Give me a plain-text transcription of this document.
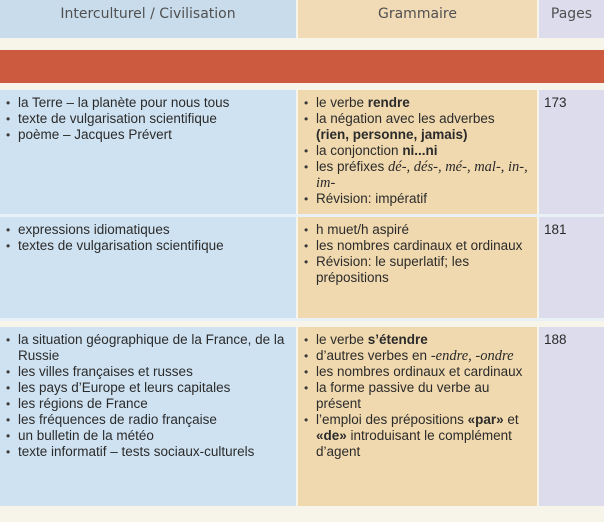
Interculturel / Civilisation	Grammaire	Pages
• la Terre – la planète pour nous tous
• texte de vulgarisation scientifique
• poème – Jacques Prévert
• le verbe rendre
• la négation avec les adverbes
(rien, personne, jamais)
• la conjonction ni...ni
• les préfixes dé-, dés-, mé-, mal-, in-, im-
• Révision: impératif
173
• expressions idiomatiques
• textes de vulgarisation scientifique
• h muet/h aspiré
• les nombres cardinaux et ordinaux
• Révision: le superlatif; les prépositions
181
• la situation géographique de la France, de la Russie
• les villes françaises et russes
• les pays d’Europe et leurs capitales
• les régions de France
• les fréquences de radio française
• un bulletin de la météo
• texte informatif – tests sociaux-culturels
• le verbe s’étendre
• d’autres verbes en -endre, -ondre
• les nombres ordinaux et cardinaux
• la forme passive du verbe au présent
• l’emploi des prépositions «par» et «de» introduisant le complément d’agent
188
